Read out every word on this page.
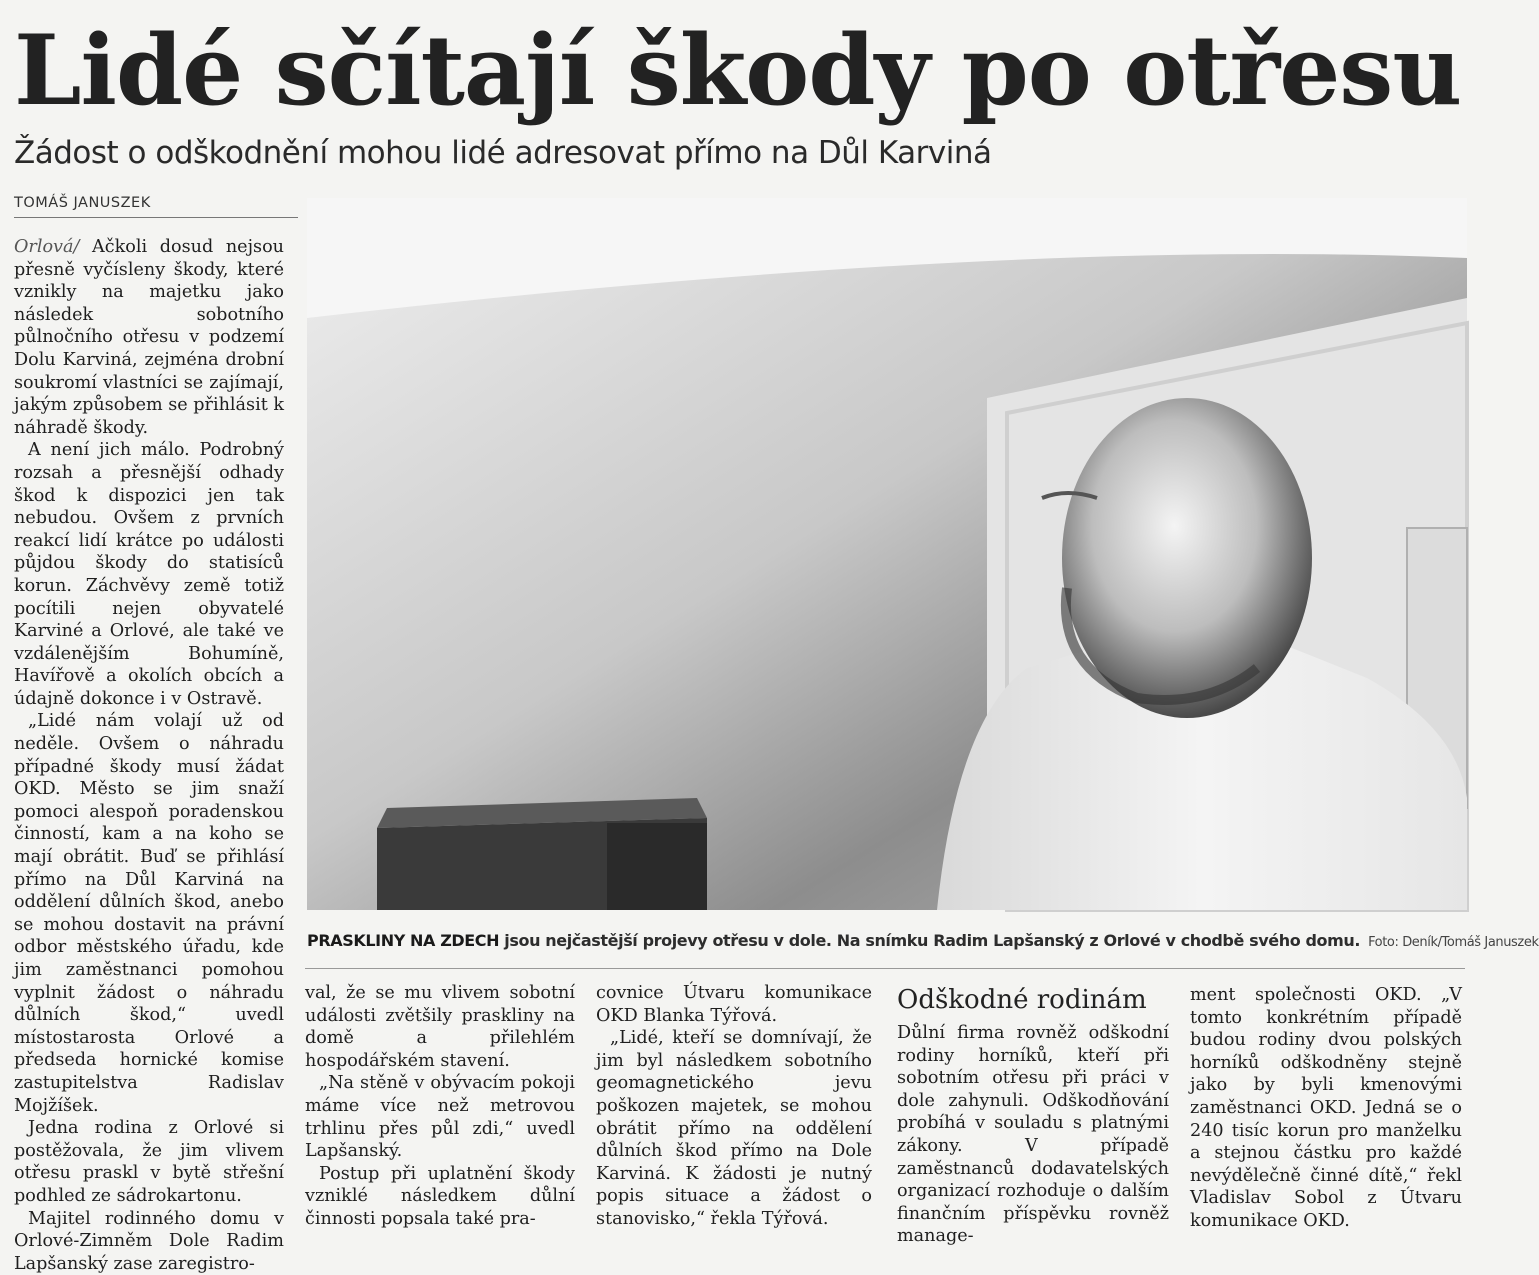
Lidé sčítají škody po otřesu
Žádost o odškodnění mohou lidé adresovat přímo na Důl Karviná
TOMÁŠ JANUSZEK

Orlová/ Ačkoli dosud nejsou přesně vyčísleny škody, které vznikly na majetku jako následek sobotního půlnočního otřesu v podzemí Dolu Karviná, zejména drobní soukromí vlastníci se zajímají, jakým způsobem se přihlásit k náhradě škody.

A není jich málo. Podrobný rozsah a přesnější odhady škod k dispozici jen tak nebudou. Ovšem z prvních reakcí lidí krátce po události půjdou škody do statisíců korun. Záchvěvy země totiž pocítili nejen obyvatelé Karviné a Orlové, ale také ve vzdálenějším Bohumíně, Havířově a okolích obcích a údajně dokonce i v Ostravě.

„Lidé nám volají už od neděle. Ovšem o náhradu případné škody musí žádat OKD. Město se jim snaží pomoci alespoň poradenskou činností, kam a na koho se mají obrátit. Buď se přihlásí přímo na Důl Karviná na oddělení důlních škod, anebo se mohou dostavit na právní odbor městského úřadu, kde jim zaměstnanci pomohou vyplnit žádost o náhradu důlních škod,“ uvedl místostarosta Orlové a předseda hornické komise zastupitelstva Radislav Mojžíšek.

Jedna rodina z Orlové si postěžovala, že jim vlivem otřesu praskl v bytě střešní podhled ze sádrokartonu.

Majitel rodinného domu v Orlové-Zimněm Dole Radim Lapšanský zase zaregistro-

PRASKLINY NA ZDECH jsou nejčastější projevy otřesu v dole. Na snímku Radim Lapšanský z Orlové v chodbě svého domu. Foto: Deník/Tomáš Januszek

val, že se mu vlivem sobotní události zvětšily praskliny na domě a přilehlém hospodářském stavení.

„Na stěně v obývacím pokoji máme více než metrovou trhlinu přes půl zdi,“ uvedl Lapšanský.

Postup při uplatnění škody vzniklé následkem důlní činnosti popsala také pra-

covnice Útvaru komunikace OKD Blanka Týřová.

„Lidé, kteří se domnívají, že jim byl následkem sobotního geomagnetického jevu poškozen majetek, se mohou obrátit přímo na oddělení důlních škod přímo na Dole Karviná. K žádosti je nutný popis situace a žádost o stanovisko,“ řekla Týřová.

Odškodné rodinám

Důlní firma rovněž odškodní rodiny horníků, kteří při sobotním otřesu při práci v dole zahynuli. Odškodňování probíhá v souladu s platnými zákony. V případě zaměstnanců dodavatelských organizací rozhoduje o dalším finančním příspěvku rovněž manage-

ment společnosti OKD. „V tomto konkrétním případě budou rodiny dvou polských horníků odškodněny stejně jako by byli kmenovými zaměstnanci OKD. Jedná se o 240 tisíc korun pro manželku a stejnou částku pro každé nevýdělečně činné dítě,“ řekl Vladislav Sobol z Útvaru komunikace OKD.
